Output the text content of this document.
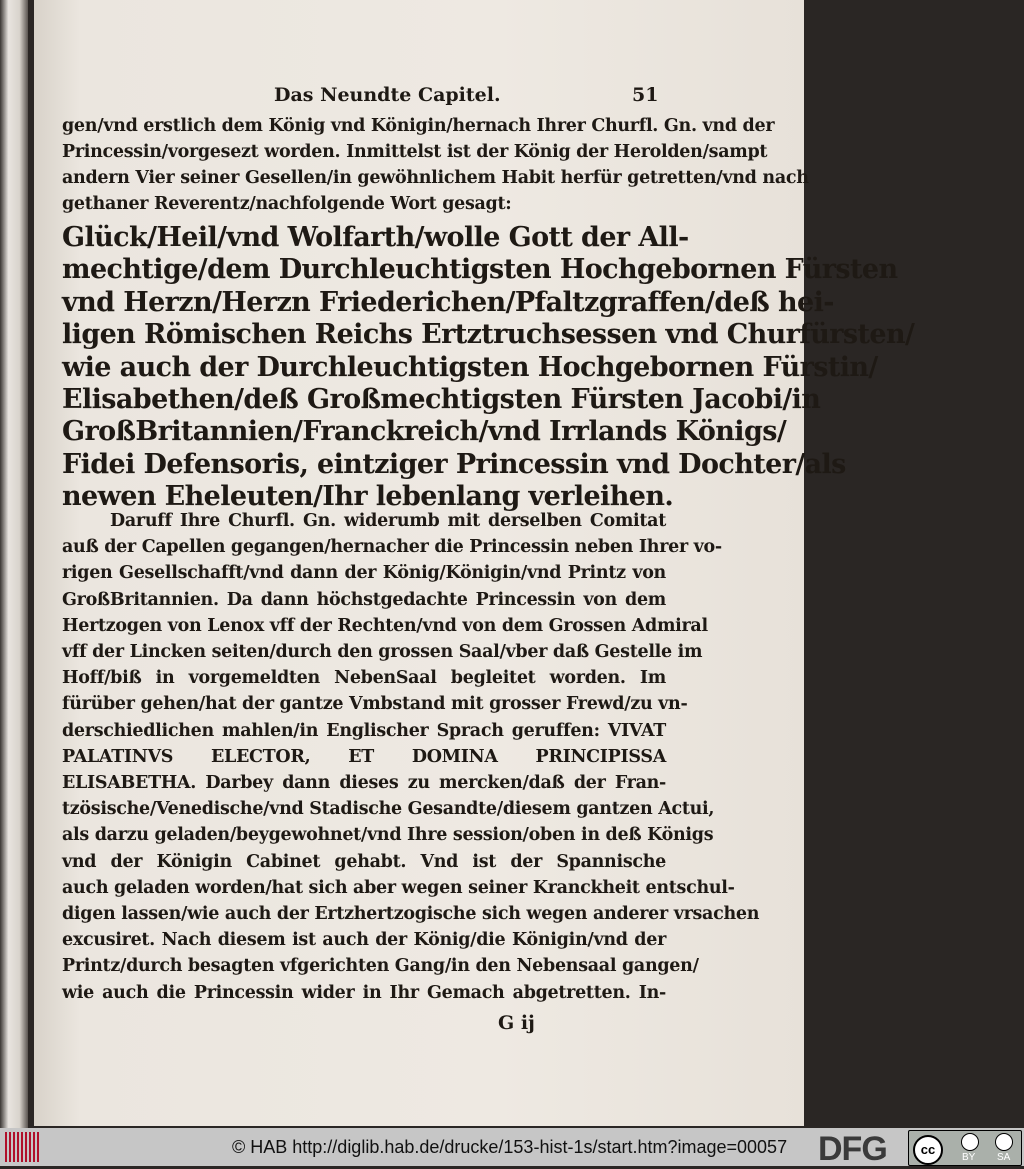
Das Neundte Capitel.	51
gen/vnd erstlich dem König vnd Königin/hernach Ihrer Churfl. Gn. vnd der
Princessin/vorgesezt worden. Inmittelst ist der König der Herolden/sampt
andern Vier seiner Gesellen/in gewöhnlichem Habit herfür getretten/vnd nach
gethaner Reverentz/nachfolgende Wort gesagt:
Glück/Heil/vnd Wolfarth/wolle Gott der All-
mechtige/dem Durchleuchtigsten Hochgebornen Fürsten
vnd Herzn/Herzn Friederichen/Pfaltzgraffen/deß hei-
ligen Römischen Reichs Ertztruchsessen vnd Churfürsten/
wie auch der Durchleuchtigsten Hochgebornen Fürstin/
Elisabethen/deß Großmechtigsten Fürsten Jacobi/in
GroßBritannien/Franckreich/vnd Irrlands Königs/
Fidei Defensoris, eintziger Princessin vnd Dochter/als
newen Eheleuten/Ihr lebenlang verleihen.
Daruff Ihre Churfl. Gn. widerumb mit derselben Comitat
auß der Capellen gegangen/hernacher die Princessin neben Ihrer vo-
rigen Gesellschafft/vnd dann der König/Königin/vnd Printz von
GroßBritannien. Da dann höchstgedachte Princessin von dem
Hertzogen von Lenox vff der Rechten/vnd von dem Grossen Admiral
vff der Lincken seiten/durch den grossen Saal/vber daß Gestelle im
Hoff/biß in vorgemeldten NebenSaal begleitet worden. Im
fürüber gehen/hat der gantze Vmbstand mit grosser Frewd/zu vn-
derschiedlichen mahlen/in Englischer Sprach geruffen: VIVAT
PALATINVS ELECTOR, ET DOMINA PRINCIPISSA
ELISABETHA. Darbey dann dieses zu mercken/daß der Fran-
tzösische/Venedische/vnd Stadische Gesandte/diesem gantzen Actui,
als darzu geladen/beygewohnet/vnd Ihre session/oben in deß Königs
vnd der Königin Cabinet gehabt. Vnd ist der Spannische
auch geladen worden/hat sich aber wegen seiner Kranckheit entschul-
digen lassen/wie auch der Ertzhertzogische sich wegen anderer vrsachen
excusiret. Nach diesem ist auch der König/die Königin/vnd der
Printz/durch besagten vfgerichten Gang/in den Nebensaal gangen/
wie auch die Princessin wider in Ihr Gemach abgetretten. In-
G ij
© HAB http://diglib.hab.de/drucke/153-hist-1s/start.htm?image=00057 DFG	cc
BY SA
